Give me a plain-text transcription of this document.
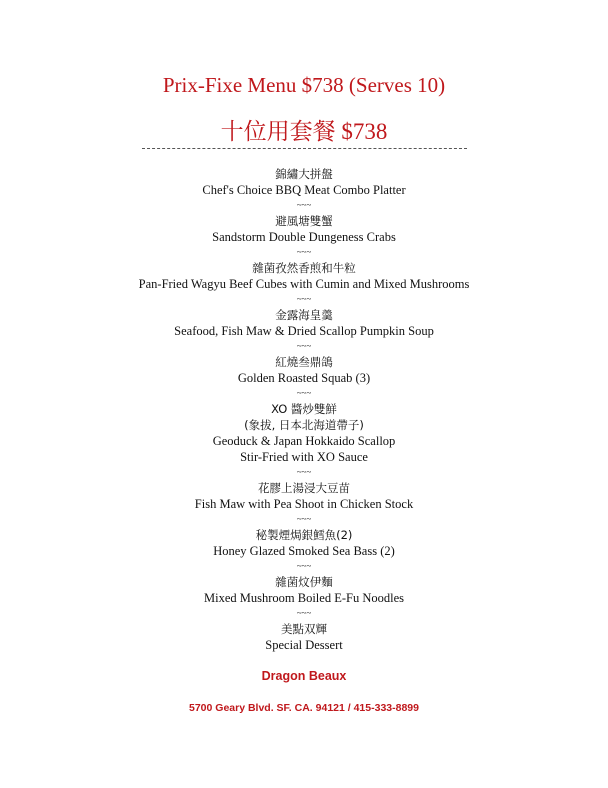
Prix-Fixe Menu $738 (Serves 10)
十位用套餐 $738
錦繡大拼盤
Chef's Choice BBQ Meat Combo Platter
~~~
避風塘雙蟹
Sandstorm Double Dungeness Crabs
~~~
雜菌孜然香煎和牛粒
Pan-Fried Wagyu Beef Cubes with Cumin and Mixed Mushrooms
~~~
金露海皇羹
Seafood, Fish Maw & Dried Scallop Pumpkin Soup
~~~
紅燒叁鼎鴿
Golden Roasted Squab (3)
~~~
XO 醬炒雙鮮
(象拔, 日本北海道帶子)
Geoduck & Japan Hokkaido Scallop
Stir-Fried with XO Sauce
~~~
花膠上湯浸大豆苗
Fish Maw with Pea Shoot in Chicken Stock
~~~
秘製煙焗銀鱈魚(2)
Honey Glazed Smoked Sea Bass (2)
~~~
雜菌炆伊麵
Mixed Mushroom Boiled E-Fu Noodles
~~~
美點双輝
Special Dessert
Dragon Beaux
5700 Geary Blvd. SF. CA. 94121 / 415-333-8899
